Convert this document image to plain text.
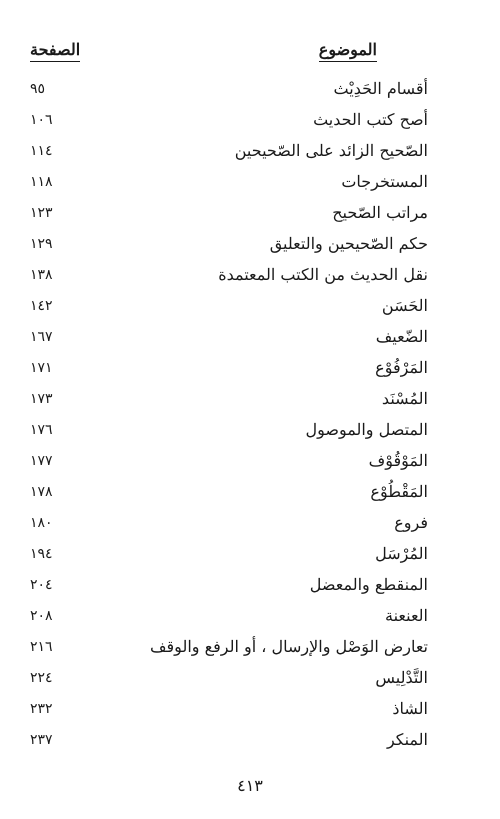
الموضوع
الصفحة
أقسام الحَدِيْث
٩٥
أصح كتب الحديث
١٠٦
الصّحيح الزائد على الصّحيحين
١١٤
المستخرجات
١١٨
مراتب الصّحيح
١٢٣
حكم الصّحيحين والتعليق
١٢٩
نقل الحديث من الكتب المعتمدة
١٣٨
الحَسَن
١٤٢
الضّعيف
١٦٧
المَرْفُوْع
١٧١
المُسْنَد
١٧٣
المتصل والموصول
١٧٦
المَوْقُوْف
١٧٧
المَقْطُوْع
١٧٨
فروع
١٨٠
المُرْسَل
١٩٤
المنقطع والمعضل
٢٠٤
العنعنة
٢٠٨
تعارض الوَصْل والإرسال ، أو الرفع والوقف
٢١٦
التَّدْلِيس
٢٢٤
الشاذ
٢٣٢
المنكر
٢٣٧
٤١٣
